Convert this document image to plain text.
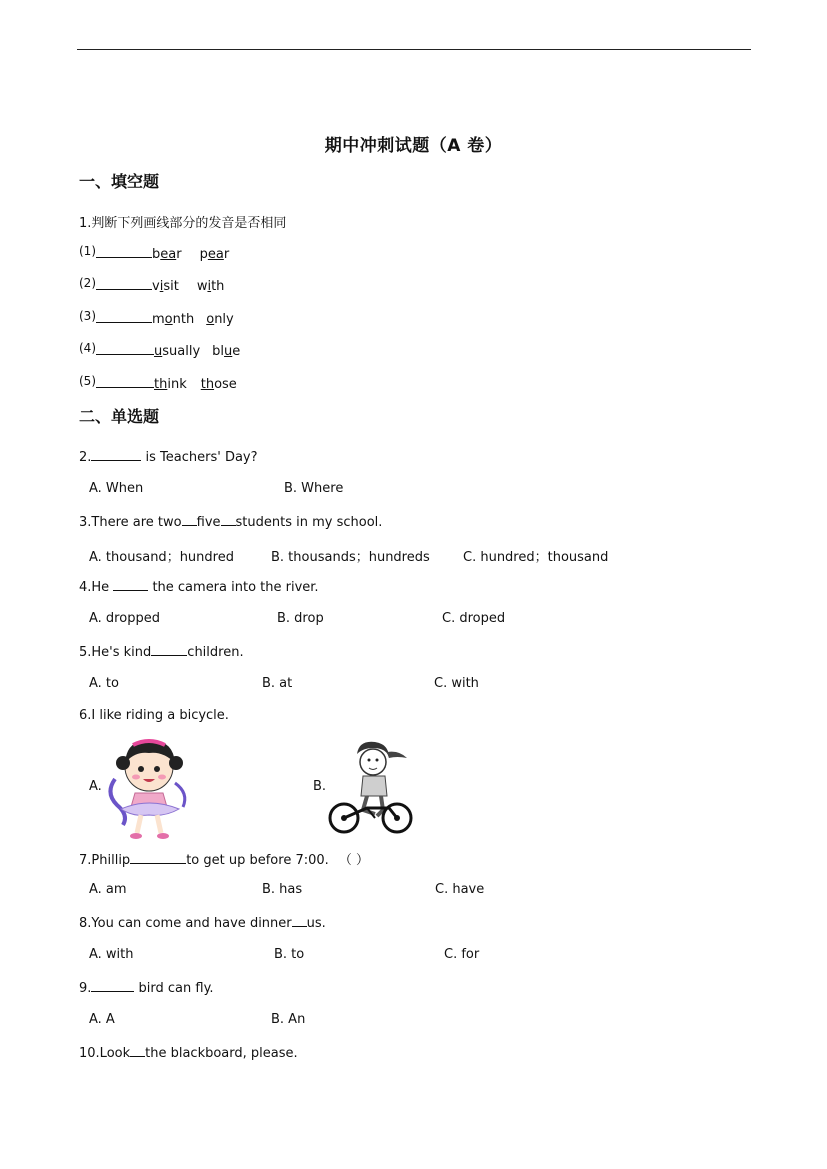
期中冲刺试题（A 卷）
一、填空题
1.判断下列画线部分的发音是否相同
(1)	bear pear
(2)	visit with
(3)	month only
(4)	usually blue
(5)	think those
二、单选题
2.	is Teachers' Day?
A. When	B. Where
3.There are two five students in my school.
A. thousand；hundred	B. thousands；hundreds	C. hundred；thousand
4.He	the camera into the river.
A. dropped	B. drop	C. droped
5.He's kind	children.
A. to	B. at	C. with
6.I like riding a bicycle.
A.	B.
7.Phillip	to get up before 7:00. （ ）
A. am	B. has	C. have
8.You can come and have dinner us.
A. with	B. to	C. for
9.	bird can fly.
A. A	B. An
10.Look the blackboard, please.
